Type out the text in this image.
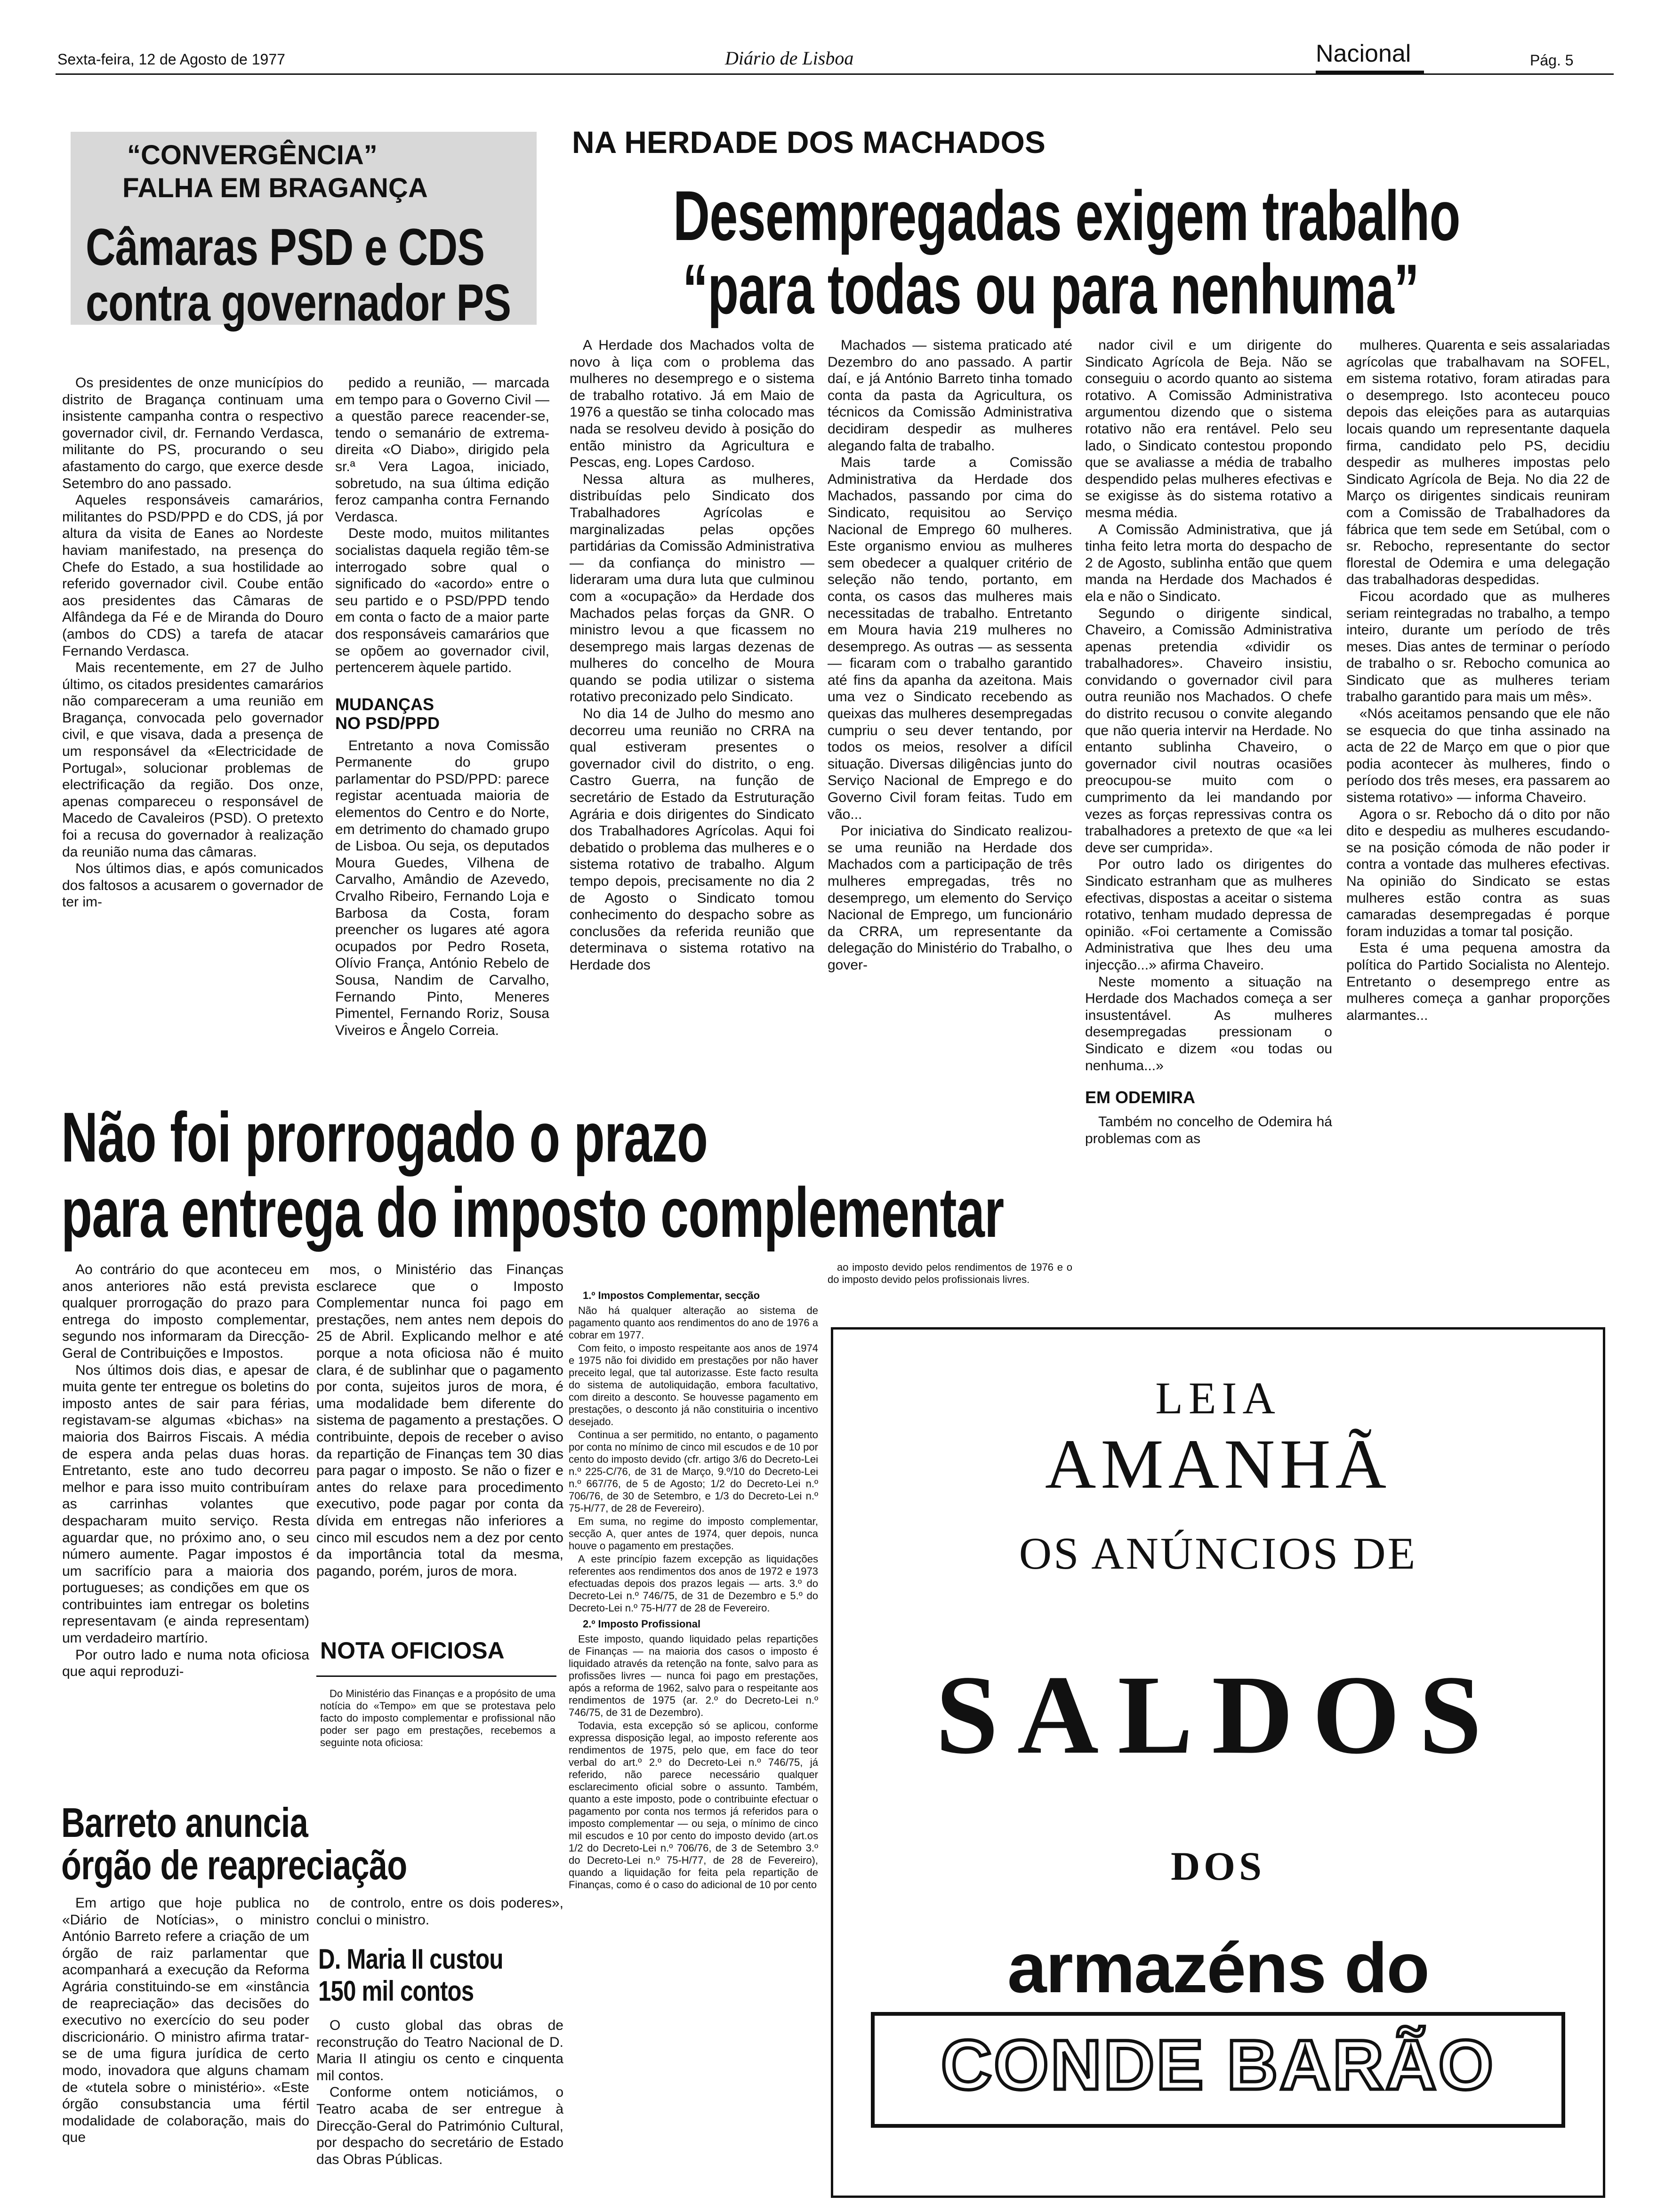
Sexta-feira, 12 de Agosto de 1977	Diário de Lisboa	Nacional	Pág. 5
“CONVERGÊNCIA”
FALHA EM BRAGANÇA
Câmaras PSD e CDS
contra governador PS

Os presidentes de onze municípios do distrito de Bragança continuam uma insistente campanha contra o respectivo governador civil, dr. Fernando Verdasca, militante do PS, procurando o seu afastamento do cargo, que exerce desde Setembro do ano passado.

Aqueles responsáveis camarários, militantes do PSD/PPD e do CDS, já por altura da visita de Eanes ao Nordeste haviam manifestado, na presença do Chefe do Estado, a sua hostilidade ao referido governador civil. Coube então aos presidentes das Câmaras de Alfândega da Fé e de Miranda do Douro (ambos do CDS) a tarefa de atacar Fernando Verdasca.

Mais recentemente, em 27 de Julho último, os citados presidentes camarários não compareceram a uma reunião em Bragança, convocada pelo governador civil, e que visava, dada a presença de um responsável da «Electricidade de Portugal», solucionar problemas de electrificação da região. Dos onze, apenas compareceu o responsável de Macedo de Cavaleiros (PSD). O pretexto foi a recusa do governador à realização da reunião numa das câmaras.

Nos últimos dias, e após comunicados dos faltosos a acusarem o governador de ter im-

pedido a reunião, — marcada em tempo para o Governo Civil — a questão parece reacender-se, tendo o semanário de extrema-direita «O Diabo», dirigido pela sr.ª Vera Lagoa, iniciado, sobretudo, na sua última edição feroz campanha contra Fernando Verdasca.

Deste modo, muitos militantes socialistas daquela região têm-se interrogado sobre qual o significado do «acordo» entre o seu partido e o PSD/PPD tendo em conta o facto de a maior parte dos responsáveis camarários que se opõem ao governador civil, pertencerem àquele partido.

MUDANÇAS NO PSD/PPD

Entretanto a nova Comissão Permanente do grupo parlamentar do PSD/PPD: parece registar acentuada maioria de elementos do Centro e do Norte, em detrimento do chamado grupo de Lisboa. Ou seja, os deputados Moura Guedes, Vilhena de Carvalho, Amândio de Azevedo, Crvalho Ribeiro, Fernando Loja e Barbosa da Costa, foram preencher os lugares até agora ocupados por Pedro Roseta, Olívio França, António Rebelo de Sousa, Nandim de Carvalho, Fernando Pinto, Meneres Pimentel, Fernando Roriz, Sousa Viveiros e Ângelo Correia.

NA HERDADE DOS MACHADOS
Desempregadas exigem trabalho
“para todas ou para nenhuma”

A Herdade dos Machados volta de novo à liça com o problema das mulheres no desemprego e o sistema de trabalho rotativo. Já em Maio de 1976 a questão se tinha colocado mas nada se resolveu devido à posição do então ministro da Agricultura e Pescas, eng. Lopes Cardoso.

Nessa altura as mulheres, distribuídas pelo Sindicato dos Trabalhadores Agrícolas e marginalizadas pelas opções partidárias da Comissão Administrativa — da confiança do ministro — lideraram uma dura luta que culminou com a «ocupação» da Herdade dos Machados pelas forças da GNR. O ministro levou a que ficassem no desemprego mais largas dezenas de mulheres do concelho de Moura quando se podia utilizar o sistema rotativo preconizado pelo Sindicato.

No dia 14 de Julho do mesmo ano decorreu uma reunião no CRRA na qual estiveram presentes o governador civil do distrito, o eng. Castro Guerra, na função de secretário de Estado da Estruturação Agrária e dois dirigentes do Sindicato dos Trabalhadores Agrícolas. Aqui foi debatido o problema das mulheres e o sistema rotativo de trabalho. Algum tempo depois, precisamente no dia 2 de Agosto o Sindicato tomou conhecimento do despacho sobre as conclusões da referida reunião que determinava o sistema rotativo na Herdade dos

Machados — sistema praticado até Dezembro do ano passado. A partir daí, e já António Barreto tinha tomado conta da pasta da Agricultura, os técnicos da Comissão Administrativa decidiram despedir as mulheres alegando falta de trabalho.

Mais tarde a Comissão Administrativa da Herdade dos Machados, passando por cima do Sindicato, requisitou ao Serviço Nacional de Emprego 60 mulheres. Este organismo enviou as mulheres sem obedecer a qualquer critério de seleção não tendo, portanto, em conta, os casos das mulheres mais necessitadas de trabalho. Entretanto em Moura havia 219 mulheres no desemprego. As outras — as sessenta — ficaram com o trabalho garantido até fins da apanha da azeitona. Mais uma vez o Sindicato recebendo as queixas das mulheres desempregadas cumpriu o seu dever tentando, por todos os meios, resolver a difícil situação. Diversas diligências junto do Serviço Nacional de Emprego e do Governo Civil foram feitas. Tudo em vão...

Por iniciativa do Sindicato realizou-se uma reunião na Herdade dos Machados com a participação de três mulheres empregadas, três no desemprego, um elemento do Serviço Nacional de Emprego, um funcionário da CRRA, um representante da delegação do Ministério do Trabalho, o gover-

nador civil e um dirigente do Sindicato Agrícola de Beja. Não se conseguiu o acordo quanto ao sistema rotativo. A Comissão Administrativa argumentou dizendo que o sistema rotativo não era rentável. Pelo seu lado, o Sindicato contestou propondo que se avaliasse a média de trabalho despendido pelas mulheres efectivas e se exigisse às do sistema rotativo a mesma média.

A Comissão Administrativa, que já tinha feito letra morta do despacho de 2 de Agosto, sublinha então que quem manda na Herdade dos Machados é ela e não o Sindicato.

Segundo o dirigente sindical, Chaveiro, a Comissão Administrativa apenas pretendia «dividir os trabalhadores». Chaveiro insistiu, convidando o governador civil para outra reunião nos Machados. O chefe do distrito recusou o convite alegando que não queria intervir na Herdade. No entanto sublinha Chaveiro, o governador civil noutras ocasiões preocupou-se muito com o cumprimento da lei mandando por vezes as forças repressivas contra os trabalhadores a pretexto de que «a lei deve ser cumprida».

Por outro lado os dirigentes do Sindicato estranham que as mulheres efectivas, dispostas a aceitar o sistema rotativo, tenham mudado depressa de opinião. «Foi certamente a Comissão Administrativa que lhes deu uma injecção...» afirma Chaveiro.

Neste momento a situação na Herdade dos Machados começa a ser insustentável. As mulheres desempregadas pressionam o Sindicato e dizem «ou todas ou nenhuma...»

EM ODEMIRA

Também no concelho de Odemira há problemas com as

mulheres. Quarenta e seis assalariadas agrícolas que trabalhavam na SOFEL, em sistema rotativo, foram atiradas para o desemprego. Isto aconteceu pouco depois das eleições para as autarquias locais quando um representante daquela firma, candidato pelo PS, decidiu despedir as mulheres impostas pelo Sindicato Agrícola de Beja. No dia 22 de Março os dirigentes sindicais reuniram com a Comissão de Trabalhadores da fábrica que tem sede em Setúbal, com o sr. Rebocho, representante do sector florestal de Odemira e uma delegação das trabalhadoras despedidas.

Ficou acordado que as mulheres seriam reintegradas no trabalho, a tempo inteiro, durante um período de três meses. Dias antes de terminar o período de trabalho o sr. Rebocho comunica ao Sindicato que as mulheres teriam trabalho garantido para mais um mês».

«Nós aceitamos pensando que ele não se esquecia do que tinha assinado na acta de 22 de Março em que o pior que podia acontecer às mulheres, findo o período dos três meses, era passarem ao sistema rotativo» — informa Chaveiro.

Agora o sr. Rebocho dá o dito por não dito e despediu as mulheres escudando-se na posição cómoda de não poder ir contra a vontade das mulheres efectivas. Na opinião do Sindicato se estas mulheres estão contra as suas camaradas desempregadas é porque foram induzidas a tomar tal posição.

Esta é uma pequena amostra da política do Partido Socialista no Alentejo. Entretanto o desemprego entre as mulheres começa a ganhar proporções alarmantes...

Não foi prorrogado o prazo
para entrega do imposto complementar

Ao contrário do que aconteceu em anos anteriores não está prevista qualquer prorrogação do prazo para entrega do imposto complementar, segundo nos informaram da Direcção-Geral de Contribuições e Impostos.

Nos últimos dois dias, e apesar de muita gente ter entregue os boletins do imposto antes de sair para férias, registavam-se algumas «bichas» na maioria dos Bairros Fiscais. A média de espera anda pelas duas horas. Entretanto, este ano tudo decorreu melhor e para isso muito contribuíram as carrinhas volantes que despacharam muito serviço. Resta aguardar que, no próximo ano, o seu número aumente. Pagar impostos é um sacrifício para a maioria dos portugueses; as condições em que os contribuintes iam entregar os boletins representavam (e ainda representam) um verdadeiro martírio.

Por outro lado e numa nota oficiosa que aqui reproduzi-

mos, o Ministério das Finanças esclarece que o Imposto Complementar nunca foi pago em prestações, nem antes nem depois do 25 de Abril. Explicando melhor e até porque a nota oficiosa não é muito clara, é de sublinhar que o pagamento por conta, sujeitos juros de mora, é uma modalidade bem diferente do sistema de pagamento a prestações. O contribuinte, depois de receber o aviso da repartição de Finanças tem 30 dias para pagar o imposto. Se não o fizer e antes do relaxe para procedimento executivo, pode pagar por conta da dívida em entregas não inferiores a cinco mil escudos nem a dez por cento da importância total da mesma, pagando, porém, juros de mora.

NOTA OFICIOSA

Do Ministério das Finanças e a propósito de uma notícia do «Tempo» em que se protestava pelo facto do imposto complementar e profissional não poder ser pago em prestações, recebemos a seguinte nota oficiosa:

1.º Impostos Complementar, secção

Não há qualquer alteração ao sistema de pagamento quanto aos rendimentos do ano de 1976 a cobrar em 1977.

Com feito, o imposto respeitante aos anos de 1974 e 1975 não foi dividido em prestações por não haver preceito legal, que tal autorizasse. Este facto resulta do sistema de autoliquidação, embora facultativo, com direito a desconto. Se houvesse pagamento em prestações, o desconto já não constituiria o incentivo desejado.

Continua a ser permitido, no entanto, o pagamento por conta no mínimo de cinco mil escudos e de 10 por cento do imposto devido (cfr. artigo 3/6 do Decreto-Lei n.º 225-C/76, de 31 de Março, 9.º/10 do Decreto-Lei n.º 667/76, de 5 de Agosto; 1/2 do Decreto-Lei n.º 706/76, de 30 de Setembro, e 1/3 do Decreto-Lei n.º 75-H/77, de 28 de Fevereiro).

Em suma, no regime do imposto complementar, secção A, quer antes de 1974, quer depois, nunca houve o pagamento em prestações.

A este princípio fazem excepção as liquidações referentes aos rendimentos dos anos de 1972 e 1973 efectuadas depois dos prazos legais — arts. 3.º do Decreto-Lei n.º 746/75, de 31 de Dezembro e 5.º do Decreto-Lei n.º 75-H/77 de 28 de Fevereiro.

2.º Imposto Profissional

Este imposto, quando liquidado pelas repartições de Finanças — na maioria dos casos o imposto é liquidado através da retenção na fonte, salvo para as profissões livres — nunca foi pago em prestações, após a reforma de 1962, salvo para o respeitante aos rendimentos de 1975 (ar. 2.º do Decreto-Lei n.º 746/75, de 31 de Dezembro).

Todavia, esta excepção só se aplicou, conforme expressa disposição legal, ao imposto referente aos rendimentos de 1975, pelo que, em face do teor verbal do art.º 2.º do Decreto-Lei n.º 746/75, já referido, não parece necessário qualquer esclarecimento oficial sobre o assunto. Também, quanto a este imposto, pode o contribuinte efectuar o pagamento por conta nos termos já referidos para o imposto complementar — ou seja, o mínimo de cinco mil escudos e 10 por cento do imposto devido (art.os 1/2 do Decreto-Lei n.º 706/76, de 3 de Setembro 3.º do Decreto-Lei n.º 75-H/77, de 28 de Fevereiro), quando a liquidação for feita pela repartição de Finanças, como é o caso do adicional de 10 por cento

ao imposto devido pelos rendimentos de 1976 e o do imposto devido pelos profissionais livres.

Barreto anuncia
órgão de reapreciação

Em artigo que hoje publica no «Diário de Notícias», o ministro António Barreto refere a criação de um órgão de raiz parlamentar que acompanhará a execução da Reforma Agrária constituindo-se em «instância de reapreciação» das decisões do executivo no exercício do seu poder discricionário. O ministro afirma tratar-se de uma figura jurídica de certo modo, inovadora que alguns chamam de «tutela sobre o ministério». «Este órgão consubstancia uma fértil modalidade de colaboração, mais do que

de controlo, entre os dois poderes», conclui o ministro.

D. Maria II custou
150 mil contos

O custo global das obras de reconstrução do Teatro Nacional de D. Maria II atingiu os cento e cinquenta mil contos.

Conforme ontem noticiámos, o Teatro acaba de ser entregue à Direcção-Geral do Património Cultural, por despacho do secretário de Estado das Obras Públicas.

LEIA
AMANHÃ
OS ANÚNCIOS DE
SALDOS
DOS
armazéns do
CONDE BARÃO
